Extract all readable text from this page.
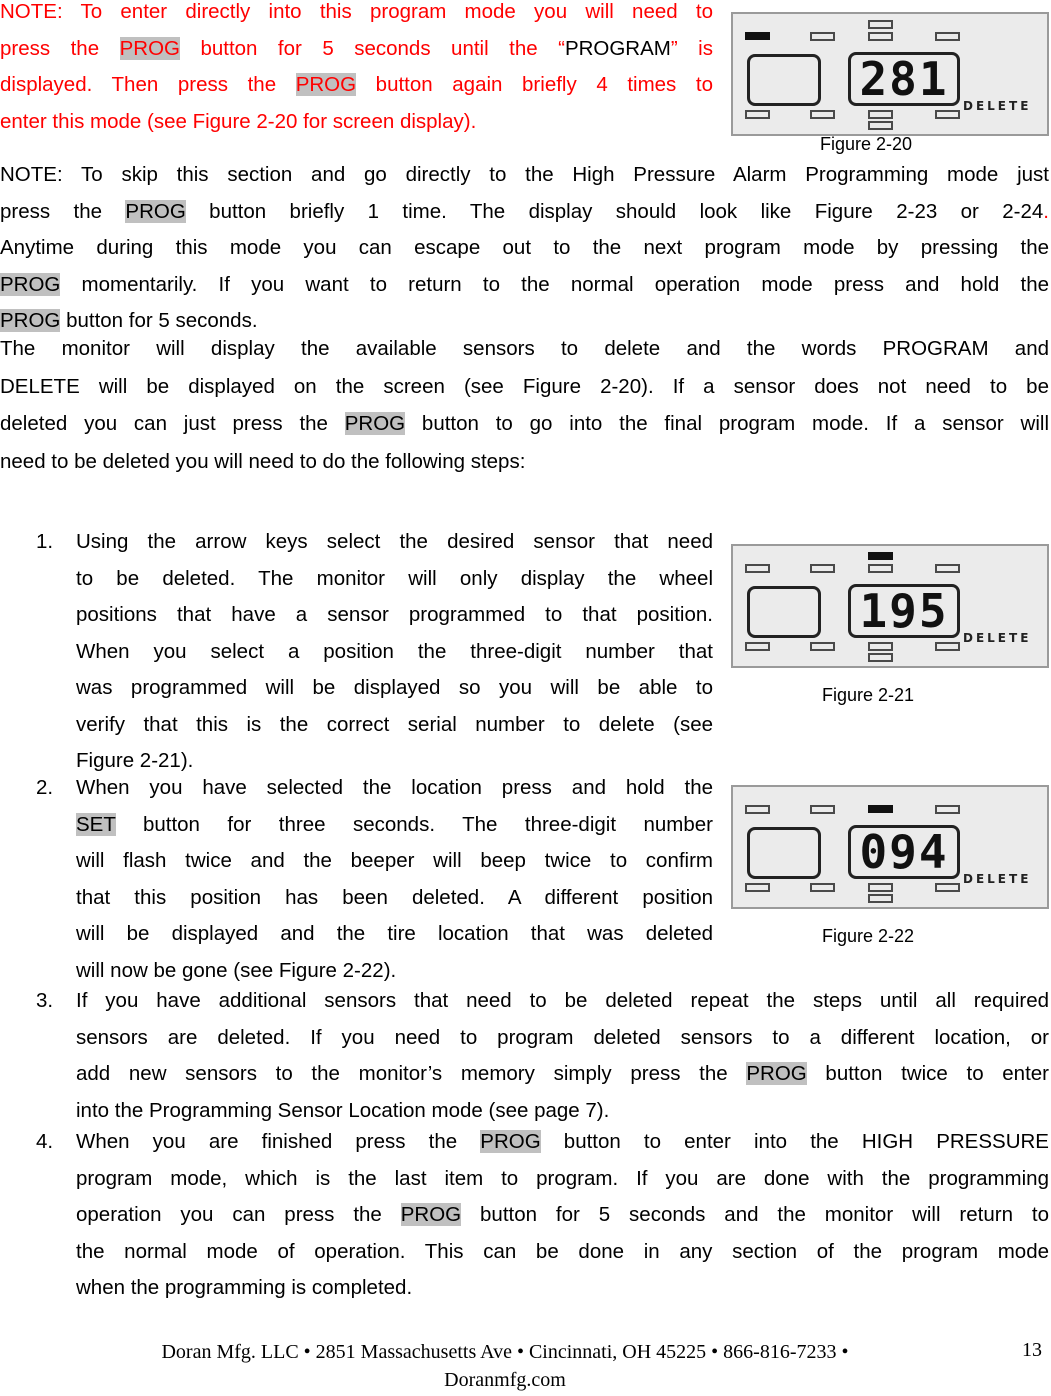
NOTE: To enter directly into this program mode you will need to
press the PROG button for 5 seconds until the “PROGRAM” is
displayed. Then press the PROG button again briefly 4 times to
enter this mode (see Figure 2-20 for screen display).
NOTE: To skip this section and go directly to the High Pressure Alarm Programming mode just
press the PROG button briefly 1 time. The display should look like Figure 2-23 or 2-24.
Anytime during this mode you can escape out to the next program mode by pressing the
PROG momentarily. If you want to return to the normal operation mode press and hold the
PROG button for 5 seconds.
The monitor will display the available sensors to delete and the words PROGRAM and
DELETE will be displayed on the screen (see Figure 2-20). If a sensor does not need to be
deleted you can just press the PROG button to go into the final program mode. If a sensor will
need to be deleted you will need to do the following steps:
1. Using the arrow keys select the desired sensor that need
to be deleted. The monitor will only display the wheel
positions that have a sensor programmed to that position.
When you select a position the three-digit number that
was programmed will be displayed so you will be able to
verify that this is the correct serial number to delete (see
Figure 2-21).
2. When you have selected the location press and hold the
SET button for three seconds. The three-digit number
will flash twice and the beeper will beep twice to confirm
that this position has been deleted. A different position
will be displayed and the tire location that was deleted
will now be gone (see Figure 2-22).
3. If you have additional sensors that need to be deleted repeat the steps until all required
sensors are deleted. If you need to program deleted sensors to a different location, or
add new sensors to the monitor’s memory simply press the PROG button twice to enter
into the Programming Sensor Location mode (see page 7).
4. When you are finished press the PROG button to enter into the HIGH PRESSURE
program mode, which is the last item to program. If you are done with the programming
operation you can press the PROG button for 5 seconds and the monitor will return to
the normal mode of operation. This can be done in any section of the program mode
when the programming is completed.
281	DELETE
Figure 2-20
195	DELETE
Figure 2-21
094	DELETE
Figure 2-22
Doran Mfg. LLC • 2851 Massachusetts Ave • Cincinnati, OH 45225 • 866-816-7233 •
Doranmfg.com
13
